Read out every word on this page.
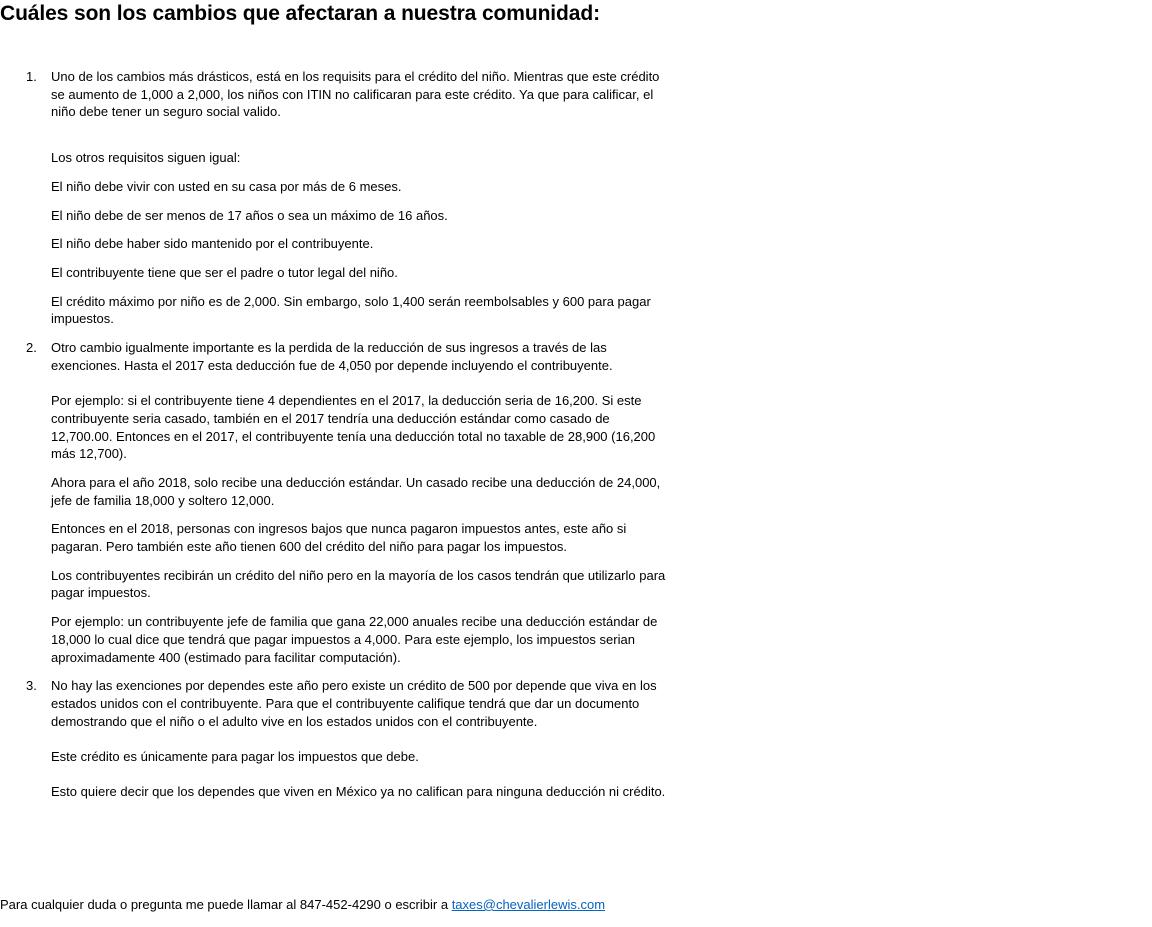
Cuáles son los cambios que afectaran a nuestra comunidad:
1. Uno de los cambios más drásticos, está en los requisits para el crédito del niño. Mientras que este crédito se aumento de 1,000 a 2,000, los niños con ITIN no calificaran para este crédito. Ya que para calificar, el niño debe tener un seguro social valido.

Los otros requisitos siguen igual:

El niño debe vivir con usted en su casa por más de 6 meses.

El niño debe de ser menos de 17 años o sea un máximo de 16 años.

El niño debe haber sido mantenido por el contribuyente.

El contribuyente tiene que ser el padre o tutor legal del niño.

El crédito máximo por niño es de 2,000. Sin embargo, solo 1,400 serán reembolsables y 600 para pagar impuestos.

2. Otro cambio igualmente importante es la perdida de la reducción de sus ingresos a través de las exenciones. Hasta el 2017 esta deducción fue de 4,050 por depende incluyendo el contribuyente.

Por ejemplo: si el contribuyente tiene 4 dependientes en el 2017, la deducción seria de 16,200. Si este contribuyente seria casado, también en el 2017 tendría una deducción estándar como casado de 12,700.00. Entonces en el 2017, el contribuyente tenía una deducción total no taxable de 28,900 (16,200 más 12,700).

Ahora para el año 2018, solo recibe una deducción estándar. Un casado recibe una deducción de 24,000, jefe de familia 18,000 y soltero 12,000.

Entonces en el 2018, personas con ingresos bajos que nunca pagaron impuestos antes, este año si pagaran. Pero también este año tienen 600 del crédito del niño para pagar los impuestos.

Los contribuyentes recibirán un crédito del niño pero en la mayoría de los casos tendrán que utilizarlo para pagar impuestos.

Por ejemplo: un contribuyente jefe de familia que gana 22,000 anuales recibe una deducción estándar de 18,000 lo cual dice que tendrá que pagar impuestos a 4,000. Para este ejemplo, los impuestos serian aproximadamente 400 (estimado para facilitar computación).

3. No hay las exenciones por dependes este año pero existe un crédito de 500 por depende que viva en los estados unidos con el contribuyente. Para que el contribuyente califique tendrá que dar un documento demostrando que el niño o el adulto vive en los estados unidos con el contribuyente.

Este crédito es únicamente para pagar los impuestos que debe.

Esto quiere decir que los dependes que viven en México ya no califican para ninguna deducción ni crédito.

Para cualquier duda o pregunta me puede llamar al 847-452-4290 o escribir a taxes@chevalierlewis.com
